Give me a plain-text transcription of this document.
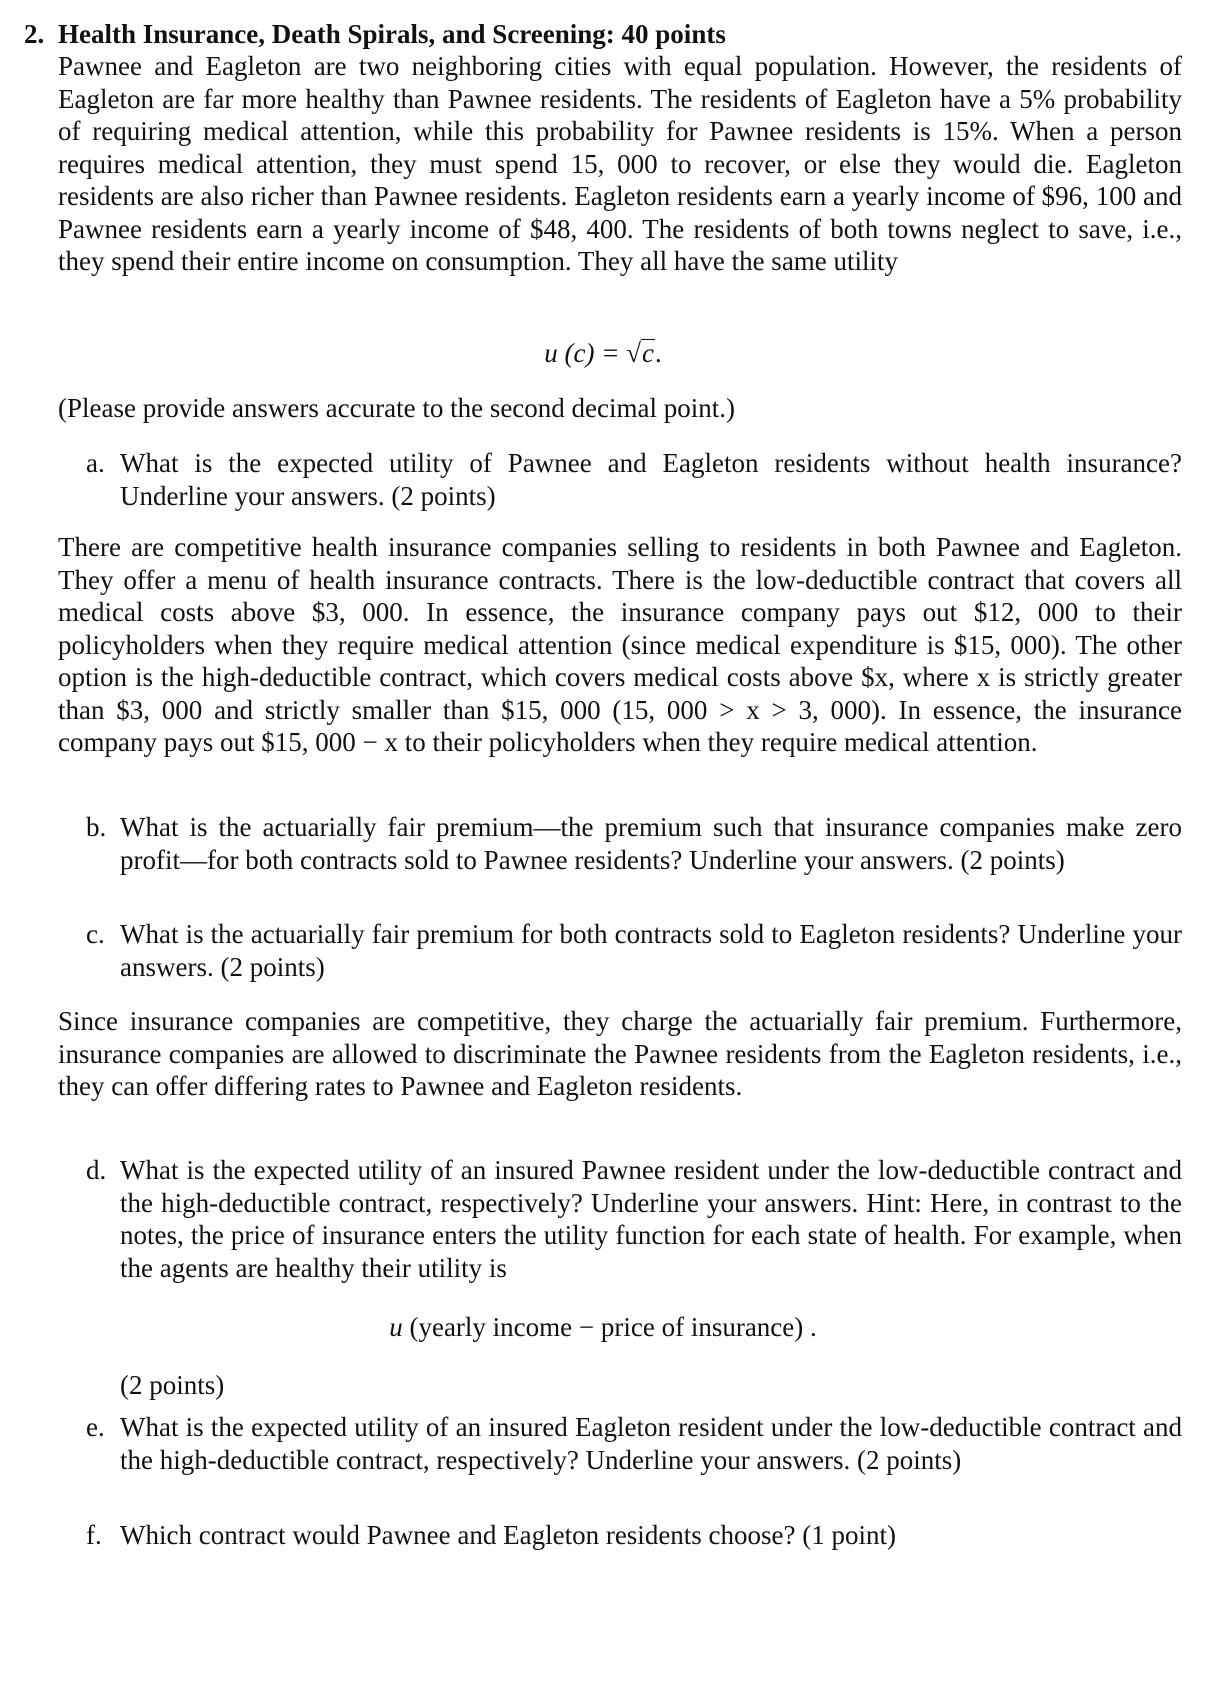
2. Health Insurance, Death Spirals, and Screening: 40 points
Pawnee and Eagleton are two neighboring cities with equal population. However, the residents of Eagleton are far more healthy than Pawnee residents. The residents of Eagleton have a 5% probability of requiring medical attention, while this probability for Pawnee residents is 15%. When a person requires medical attention, they must spend 15, 000 to recover, or else they would die. Eagleton residents are also richer than Pawnee residents. Eagleton residents earn a yearly income of $96, 100 and Pawnee residents earn a yearly income of $48, 400. The residents of both towns neglect to save, i.e., they spend their entire income on consumption. They all have the same utility
u (c) = √c.
(Please provide answers accurate to the second decimal point.)
a. What is the expected utility of Pawnee and Eagleton residents without health insurance? Underline your answers. (2 points)
There are competitive health insurance companies selling to residents in both Pawnee and Eagleton. They offer a menu of health insurance contracts. There is the low-deductible contract that covers all medical costs above $3, 000. In essence, the insurance company pays out $12, 000 to their policyholders when they require medical attention (since medical expenditure is $15, 000). The other option is the high-deductible contract, which covers medical costs above $x, where x is strictly greater than $3, 000 and strictly smaller than $15, 000 (15, 000 > x > 3, 000). In essence, the insurance company pays out $15, 000 − x to their policyholders when they require medical attention.
b. What is the actuarially fair premium—the premium such that insurance companies make zero profit—for both contracts sold to Pawnee residents? Underline your answers. (2 points)
c. What is the actuarially fair premium for both contracts sold to Eagleton residents? Underline your answers. (2 points)
Since insurance companies are competitive, they charge the actuarially fair premium. Furthermore, insurance companies are allowed to discriminate the Pawnee residents from the Eagleton residents, i.e., they can offer differing rates to Pawnee and Eagleton residents.
d. What is the expected utility of an insured Pawnee resident under the low-deductible contract and the high-deductible contract, respectively? Underline your answers. Hint: Here, in contrast to the notes, the price of insurance enters the utility function for each state of health. For example, when the agents are healthy their utility is
u (yearly income − price of insurance) .
(2 points)
e. What is the expected utility of an insured Eagleton resident under the low-deductible contract and the high-deductible contract, respectively? Underline your answers. (2 points)
f. Which contract would Pawnee and Eagleton residents choose? (1 point)
